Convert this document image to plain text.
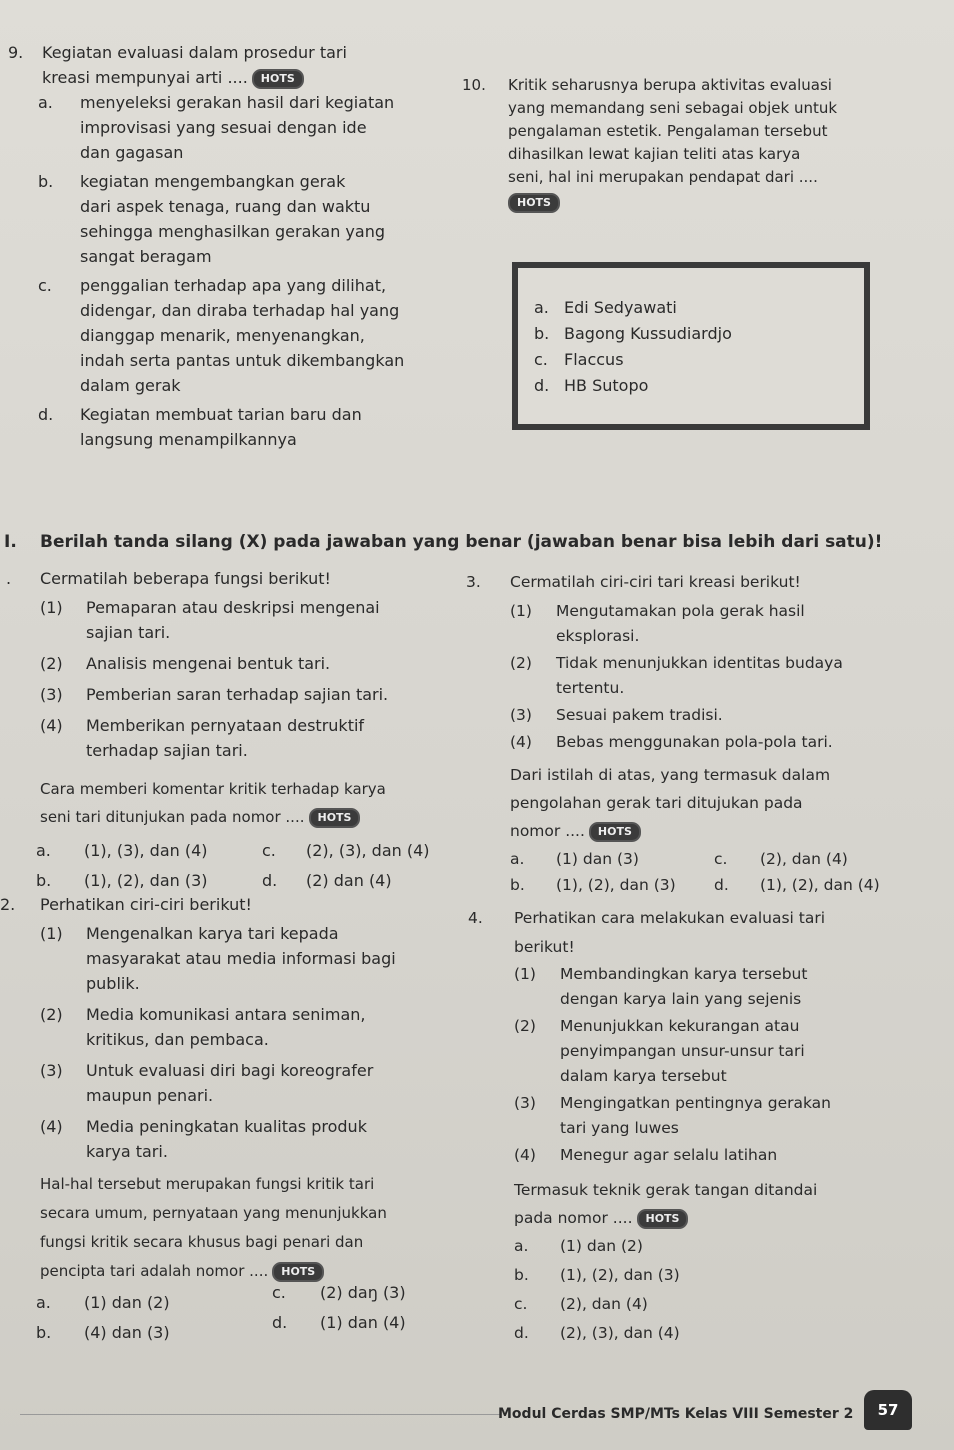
9. Kegiatan evaluasi dalam prosedur tari
kreasi mempunyai arti .... HOTS
a. menyeleksi gerakan hasil dari kegiatan
improvisasi yang sesuai dengan ide
dan gagasan
b. kegiatan mengembangkan gerak
dari aspek tenaga, ruang dan waktu
sehingga menghasilkan gerakan yang
sangat beragam
c. penggalian terhadap apa yang dilihat,
didengar, dan diraba terhadap hal yang
dianggap menarik, menyenangkan,
indah serta pantas untuk dikembangkan
dalam gerak
d. Kegiatan membuat tarian baru dan
langsung menampilkannya
10. Kritik seharusnya berupa aktivitas evaluasi
yang memandang seni sebagai objek untuk
pengalaman estetik. Pengalaman tersebut
dihasilkan lewat kajian teliti atas karya
seni, hal ini merupakan pendapat dari ....
HOTS
a. Edi Sedyawati
b. Bagong Kussudiardjo
c. Flaccus
d. HB Sutopo
I. Berilah tanda silang (X) pada jawaban yang benar (jawaban benar bisa lebih dari satu)!
. Cermatilah beberapa fungsi berikut!
(1) Pemaparan atau deskripsi mengenai
sajian tari.
(2) Analisis mengenai bentuk tari.
(3) Pemberian saran terhadap sajian tari.
(4) Memberikan pernyataan destruktif
terhadap sajian tari.
Cara memberi komentar kritik terhadap karya
seni tari ditunjukan pada nomor .... HOTS
a. (1), (3), dan (4)	c. (2), (3), dan (4)
b. (1), (2), dan (3)	d. (2) dan (4)
2. Perhatikan ciri-ciri berikut!
(1) Mengenalkan karya tari kepada
masyarakat atau media informasi bagi
publik.
(2) Media komunikasi antara seniman,
kritikus, dan pembaca.
(3) Untuk evaluasi diri bagi koreografer
maupun penari.
(4) Media peningkatan kualitas produk
karya tari.
Hal-hal tersebut merupakan fungsi kritik tari
secara umum, pernyataan yang menunjukkan
fungsi kritik secara khusus bagi penari dan
pencipta tari adalah nomor .... HOTS
a. (1) dan (2)
c. (2) daŋ (3)
b. (4) dan (3)
d. (1) dan (4)
3. Cermatilah ciri-ciri tari kreasi berikut!
(1) Mengutamakan pola gerak hasil
eksplorasi.
(2) Tidak menunjukkan identitas budaya
tertentu.
(3) Sesuai pakem tradisi.
(4) Bebas menggunakan pola-pola tari.
Dari istilah di atas, yang termasuk dalam
pengolahan gerak tari ditujukan pada
nomor .... HOTS
a. (1) dan (3)	c. (2), dan (4)
b. (1), (2), dan (3) d. (1), (2), dan (4)
4. Perhatikan cara melakukan evaluasi tari
berikut!
(1) Membandingkan karya tersebut
dengan karya lain yang sejenis
(2) Menunjukkan kekurangan atau
penyimpangan unsur-unsur tari
dalam karya tersebut
(3) Mengingatkan pentingnya gerakan
tari yang luwes
(4) Menegur agar selalu latihan
Termasuk teknik gerak tangan ditandai
pada nomor .... HOTS
a. (1) dan (2)
b. (1), (2), dan (3)
c. (2), dan (4)
d. (2), (3), dan (4)
Modul Cerdas SMP/MTs Kelas VIII Semester 2	57
